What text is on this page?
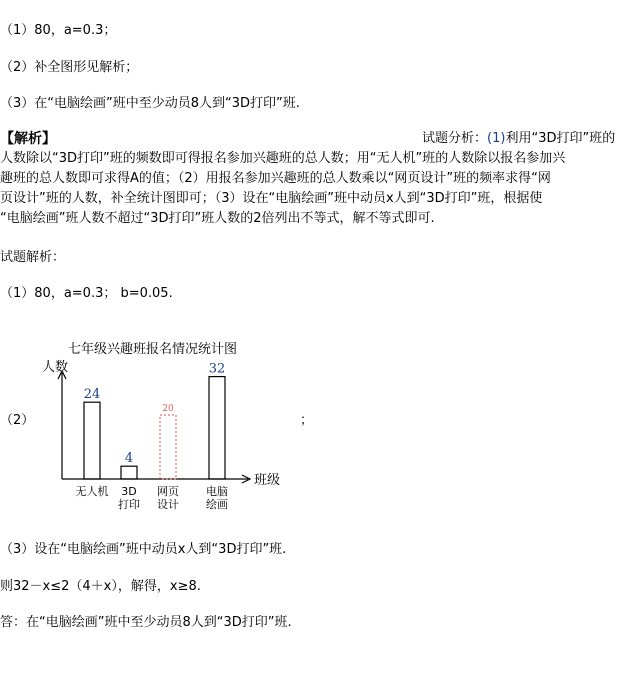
（1）80，a=0.3；
（2）补全图形见解析；
（3）在“电脑绘画”班中至少动员8人到“3D打印”班.
【解析】	试题分析：(1)利用“3D打印”班的
人数除以“3D打印”班的频数即可得报名参加兴趣班的总人数；用“无人机”班的人数除以报名参加兴
趣班的总人数即可求得A的值；（2）用报名参加兴趣班的总人数乘以“网页设计”班的频率求得“网
页设计”班的人数，补全统计图即可；（3）设在“电脑绘画”班中动员x人到“3D打印”班，根据使
“电脑绘画”班人数不超过“3D打印”班人数的2倍列出不等式，解不等式即可.
试题解析：
（1）80，a=0.3； b=0.05.
七年级兴趣班报名情况统计图
（2）	；
人数
班级
24
无人机
4
3D
打印
20
网页
设计
32
电脑
绘画
（3）设在“电脑绘画”班中动员x人到“3D打印”班.
则32－x≤2（4＋x），解得，x≥8.
答：在“电脑绘画”班中至少动员8人到“3D打印”班.
